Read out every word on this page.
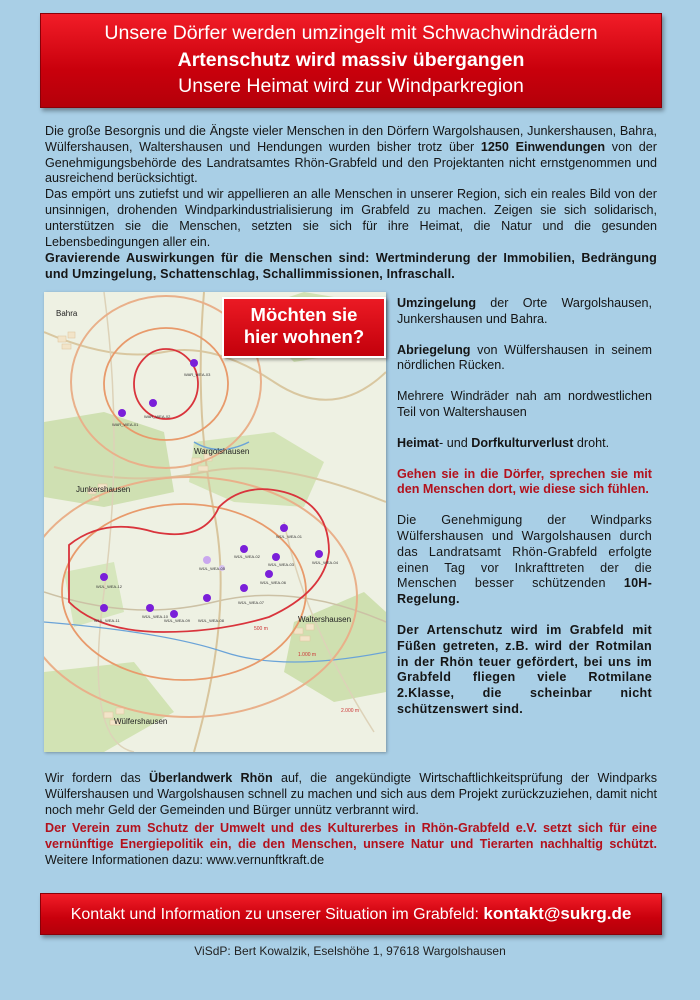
Unsere Dörfer werden umzingelt mit Schwachwindrädern
Artenschutz wird massiv übergangen
Unsere Heimat wird zur Windparkregion

Die große Besorgnis und die Ängste vieler Menschen in den Dörfern Wargolshausen, Junkershausen, Bahra, Wülfershausen, Waltershausen und Hendungen wurden bisher trotz über 1250 Einwendungen von der Genehmigungsbehörde des Landratsamtes Rhön-Grabfeld und den Projektanten nicht ernstgenommen und ausreichend berücksichtigt.

Das empört uns zutiefst und wir appellieren an alle Menschen in unserer Region, sich ein reales Bild von der unsinnigen, drohenden Windparkindustrialisierung im Grabfeld zu machen. Zeigen sie sich solidarisch, unterstützen sie die Menschen, setzten sie sich für ihre Heimat, die Natur und die gesunden Lebensbedingungen aller ein.

Gravierende Auswirkungen für die Menschen sind: Wertminderung der Immobilien, Bedrängung und Umzingelung, Schattenschlag, Schallimmissionen, Infraschall.

WAR_WEA-03
WAR_WEA-02
WAR_WEA-01
WÜL_WEA-01
WÜL_WEA-02
WÜL_WEA-03	WÜL_WEA-04
WÜL_WEA-05
WÜL_WEA-06
WÜL_WEA-07
WÜL_WEA-08
WÜL_WEA-09
WÜL_WEA-10
WÜL_WEA-11
WÜL_WEA-12
Bahra
Wargolshausen
Junkershausen
Waltershausen
Wülfershausen
500 m
1.000 m
2.000 m
Möchten sie
hier wohnen?

Umzingelung der Orte Wargolshausen, Junkershausen und Bahra.

Abriegelung von Wülfershausen in seinem nördlichen Rücken.

Mehrere Windräder nah am nordwestlichen Teil von Waltershausen

Heimat- und Dorfkulturverlust droht.

Gehen sie in die Dörfer, sprechen sie mit den Menschen dort, wie diese sich fühlen.

Die Genehmigung der Windparks Wülfershausen und Wargolshausen durch das Landratsamt Rhön-Grabfeld erfolgte einen Tag vor Inkrafttreten der die Menschen besser schützenden 10H-Regelung.

Der Artenschutz wird im Grabfeld mit Füßen getreten, z.B. wird der Rotmilan in der Rhön teuer gefördert, bei uns im Grabfeld fliegen viele Rotmilane 2.Klasse, die scheinbar nicht schützenswert sind.

Wir fordern das Überlandwerk Rhön auf, die angekündigte Wirtschaftlichkeitsprüfung der Windparks Wülfershausen und Wargolshausen schnell zu machen und sich aus dem Projekt zurückzuziehen, damit nicht noch mehr Geld der Gemeinden und Bürger unnütz verbrannt wird.

Der Verein zum Schutz der Umwelt und des Kulturerbes in Rhön-Grabfeld e.V. setzt sich für eine vernünftige Energiepolitik ein, die den Menschen, unsere Natur und Tierarten nachhaltig schützt. Weitere Informationen dazu: www.vernunftkraft.de

Kontakt und Information zu unserer Situation im Grabfeld: kontakt@sukrg.de
ViSdP: Bert Kowalzik, Eselshöhe 1, 97618 Wargolshausen
